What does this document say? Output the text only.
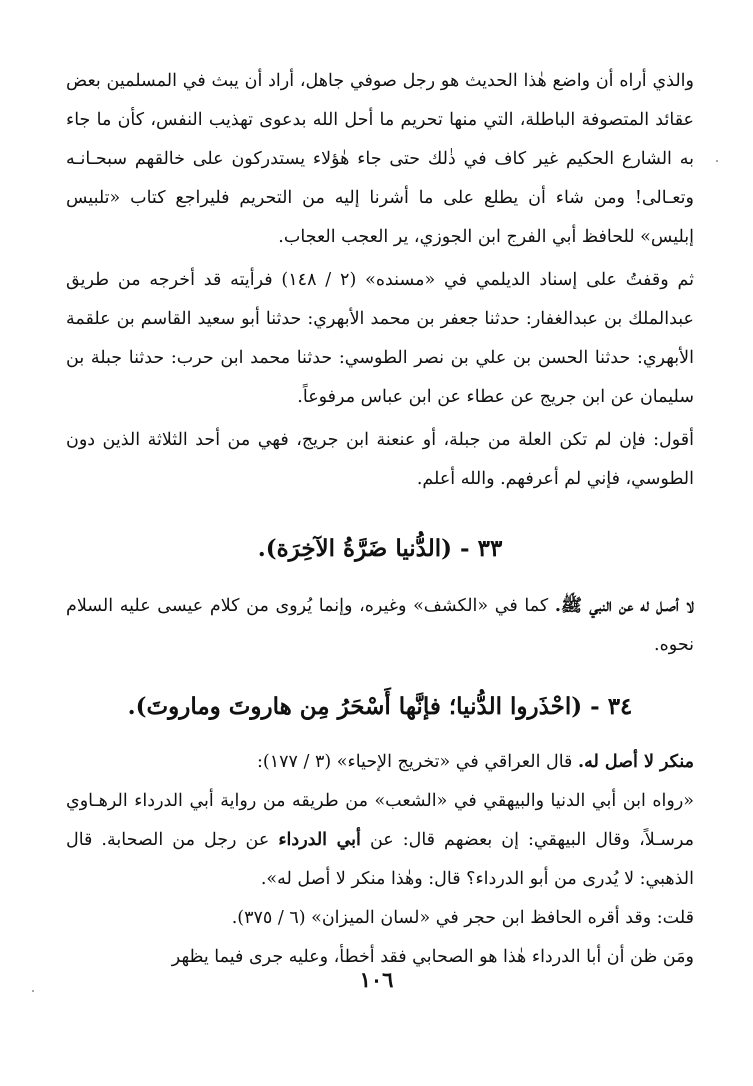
والذي أراه أن واضع هٰذا الحديث هو رجل صوفي جاهل، أراد أن يبث في المسلمين بعض عقائد المتصوفة الباطلة، التي منها تحريم ما أحل الله بدعوى تهذيب النفس، كأن ما جاء به الشارع الحكيم غير كاف في ذٰلك حتى جاء هٰؤلاء يستدركون على خالقهم سبحـانـه وتعـالى! ومن شاء أن يطلع على ما أشرنا إليه من التحريم فليراجع كتاب «تلبيس إبليس» للحافظ أبي الفرج ابن الجوزي، ير العجب العجاب.

ثم وقفتُ على إسناد الديلمي في «مسنده» (٢ / ١٤٨) فرأيته قد أخرجه من طريق عبدالملك بن عبدالغفار: حدثنا جعفر بن محمد الأبهري: حدثنا أبو سعيد القاسم بن علقمة الأبهري: حدثنا الحسن بن علي بن نصر الطوسي: حدثنا محمد ابن حرب: حدثنا جبلة بن سليمان عن ابن جريج عن عطاء عن ابن عباس مرفوعاً.

أقول: فإن لم تكن العلة من جبلة، أو عنعنة ابن جريج، فهي من أحد الثلاثة الذين دون الطوسي، فإني لم أعرفهم. والله أعلم.

٣٣ - (الدُّنيا ضَرَّةُ الآخِرَة).

لا أصـل له عن النبي ﷺ. كما في «الكشف» وغيره، وإنما يُروى من كلام عيسى عليه السلام نحوه.

٣٤ - (احْذَروا الدُّنيا؛ فإنَّها أَسْحَرُ مِن هاروتَ وماروتَ).

منكر لا أصل له. قال العراقي في «تخريج الإحياء» (٣ / ١٧٧):

«رواه ابن أبي الدنيا والبيهقي في «الشعب» من طريقه من رواية أبي الدرداء الرهـاوي مرسـلاً، وقال البيهقي: إن بعضهم قال: عن أبي الدرداء عن رجل من الصحابة. قال الذهبي: لا يُدرى من أبو الدرداء؟ قال: وهٰذا منكر لا أصل له».

قلت: وقد أقره الحافظ ابن حجر في «لسان الميزان» (٦ / ٣٧٥).

ومَن ظن أن أبا الدرداء هٰذا هو الصحابي فقد أخطأ، وعليه جرى فيما يظهر

١٠٦
